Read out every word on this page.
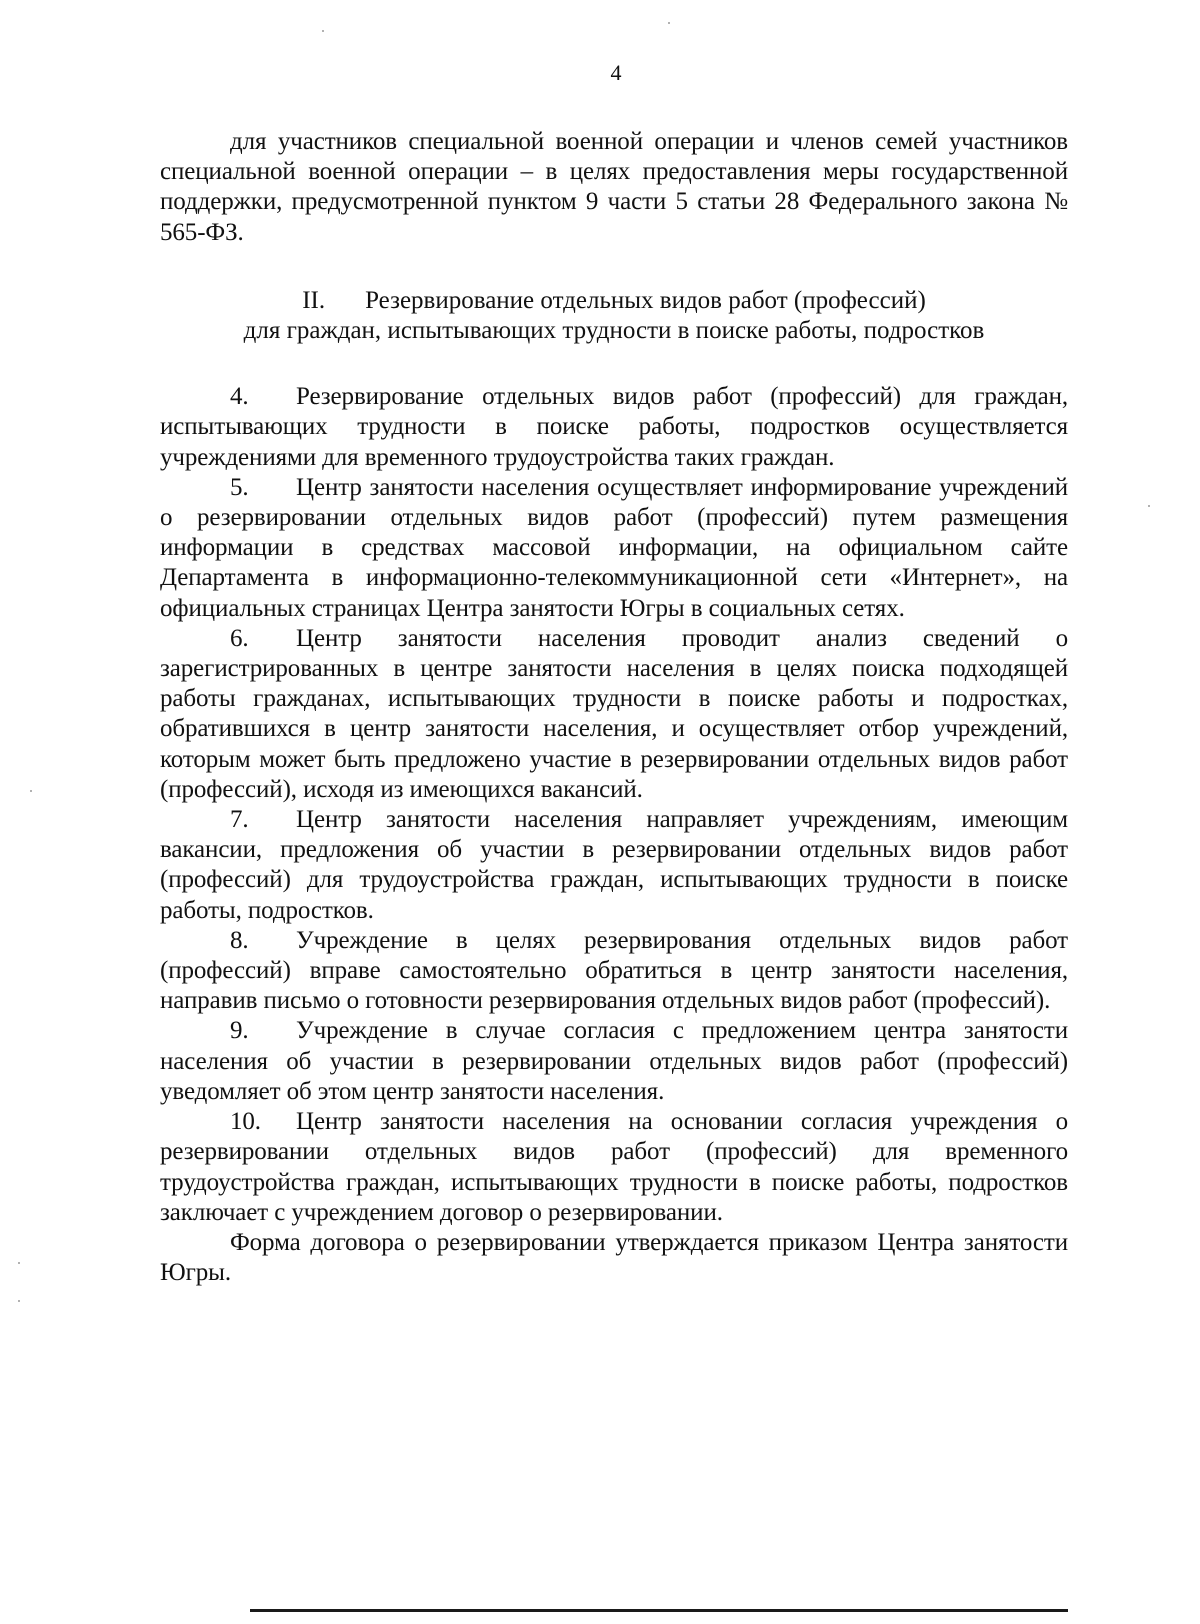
4

для участников специальной военной операции и членов семей участников специальной военной операции – в целях предоставления меры государственной поддержки, предусмотренной пунктом 9 части 5 статьи 28 Федерального закона № 565-ФЗ.

II. Резервирование отдельных видов работ (профессий)
для граждан, испытывающих трудности в поиске работы, подростков

4. Резервирование отдельных видов работ (профессий) для граждан, испытывающих трудности в поиске работы, подростков осуществляется учреждениями для временного трудоустройства таких граждан.

5. Центр занятости населения осуществляет информирование учреждений о резервировании отдельных видов работ (профессий) путем размещения информации в средствах массовой информации, на официальном сайте Департамента в информационно-телекоммуникационной сети «Интернет», на официальных страницах Центра занятости Югры в социальных сетях.

6. Центр занятости населения проводит анализ сведений о зарегистрированных в центре занятости населения в целях поиска подходящей работы гражданах, испытывающих трудности в поиске работы и подростках, обратившихся в центр занятости населения, и осуществляет отбор учреждений, которым может быть предложено участие в резервировании отдельных видов работ (профессий), исходя из имеющихся вакансий.

7. Центр занятости населения направляет учреждениям, имеющим вакансии, предложения об участии в резервировании отдельных видов работ (профессий) для трудоустройства граждан, испытывающих трудности в поиске работы, подростков.

8. Учреждение в целях резервирования отдельных видов работ (профессий) вправе самостоятельно обратиться в центр занятости населения, направив письмо о готовности резервирования отдельных видов работ (профессий).

9. Учреждение в случае согласия с предложением центра занятости населения об участии в резервировании отдельных видов работ (профессий) уведомляет об этом центр занятости населения.

10. Центр занятости населения на основании согласия учреждения о резервировании отдельных видов работ (профессий) для временного трудоустройства граждан, испытывающих трудности в поиске работы, подростков заключает с учреждением договор о резервировании.

Форма договора о резервировании утверждается приказом Центра занятости Югры.
